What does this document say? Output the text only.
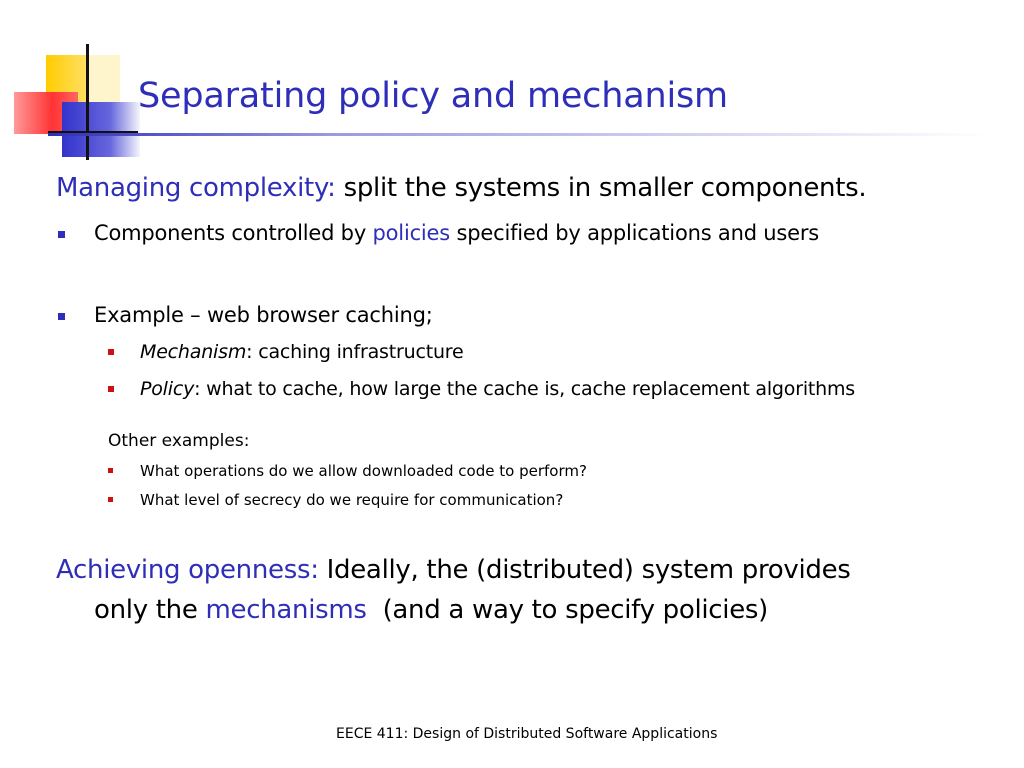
Separating policy and mechanism
Managing complexity: split the systems in smaller components.
Components controlled by policies specified by applications and users
Example – web browser caching;
Mechanism: caching infrastructure
Policy: what to cache, how large the cache is, cache replacement algorithms
Other examples:
What operations do we allow downloaded code to perform?
What level of secrecy do we require for communication?
Achieving openness: Ideally, the (distributed) system provides
only the mechanisms  (and a way to specify policies)
EECE 411: Design of Distributed Software Applications
